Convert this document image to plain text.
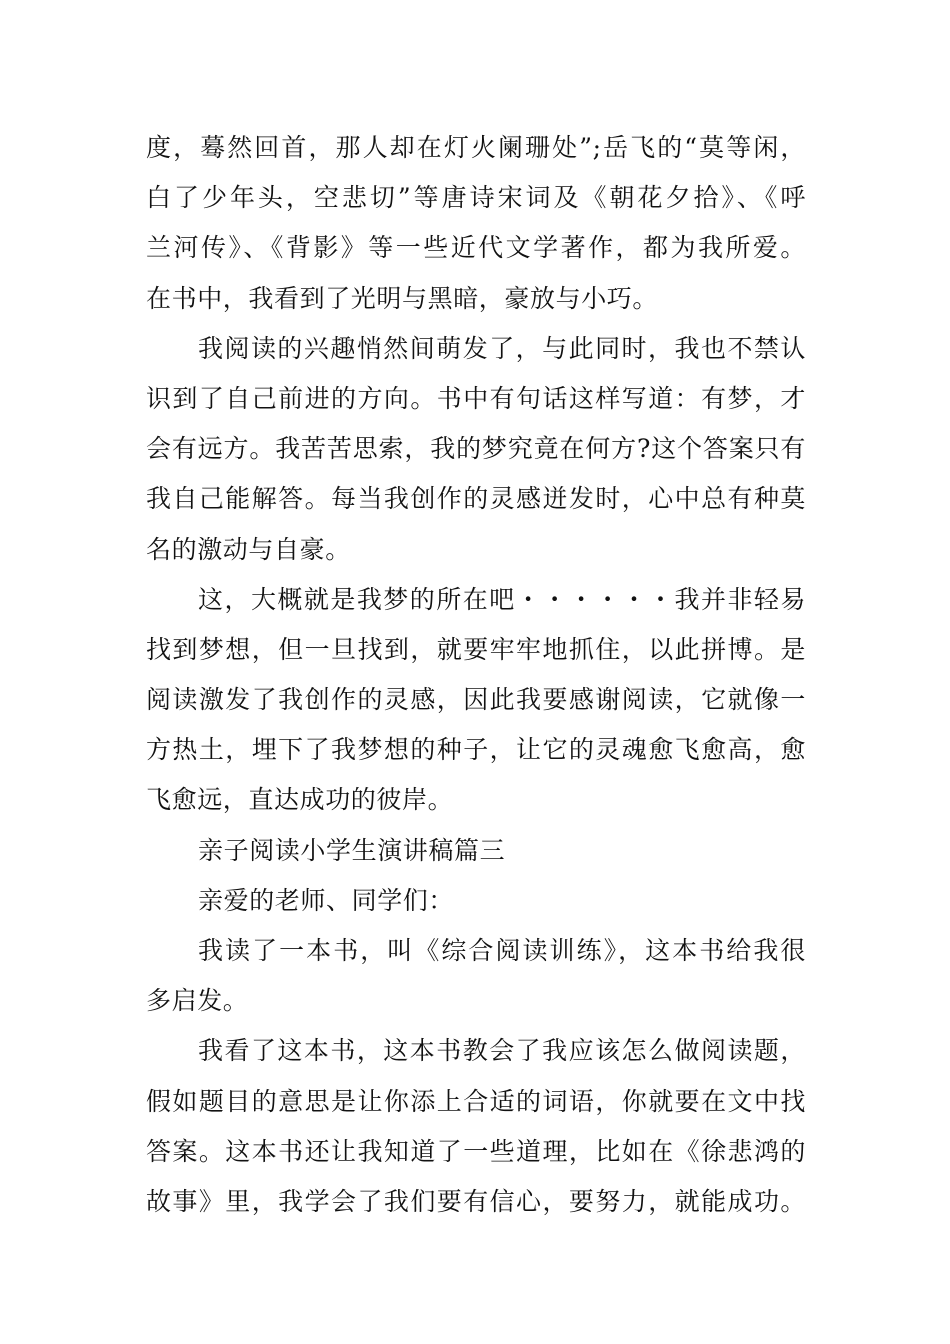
度，蓦然回首，那人却在灯火阑珊处”;岳飞的“莫等闲，
白了少年头，空悲切”等唐诗宋词及《朝花夕拾》、《呼
兰河传》、《背影》等一些近代文学著作，都为我所爱。
在书中，我看到了光明与黑暗，豪放与小巧。
我阅读的兴趣悄然间萌发了，与此同时，我也不禁认
识到了自己前进的方向。书中有句话这样写道：有梦，才
会有远方。我苦苦思索，我的梦究竟在何方?这个答案只有
我自己能解答。每当我创作的灵感迸发时，心中总有种莫
名的激动与自豪。
这，大概就是我梦的所在吧・・・・・・我并非轻易
找到梦想，但一旦找到，就要牢牢地抓住，以此拼博。是
阅读激发了我创作的灵感，因此我要感谢阅读，它就像一
方热土，埋下了我梦想的种子，让它的灵魂愈飞愈高，愈
飞愈远，直达成功的彼岸。
亲子阅读小学生演讲稿篇三
亲爱的老师、同学们：
我读了一本书，叫《综合阅读训练》，这本书给我很
多启发。
我看了这本书，这本书教会了我应该怎么做阅读题，
假如题目的意思是让你添上合适的词语，你就要在文中找
答案。这本书还让我知道了一些道理，比如在《徐悲鸿的
故事》里，我学会了我们要有信心，要努力，就能成功。
